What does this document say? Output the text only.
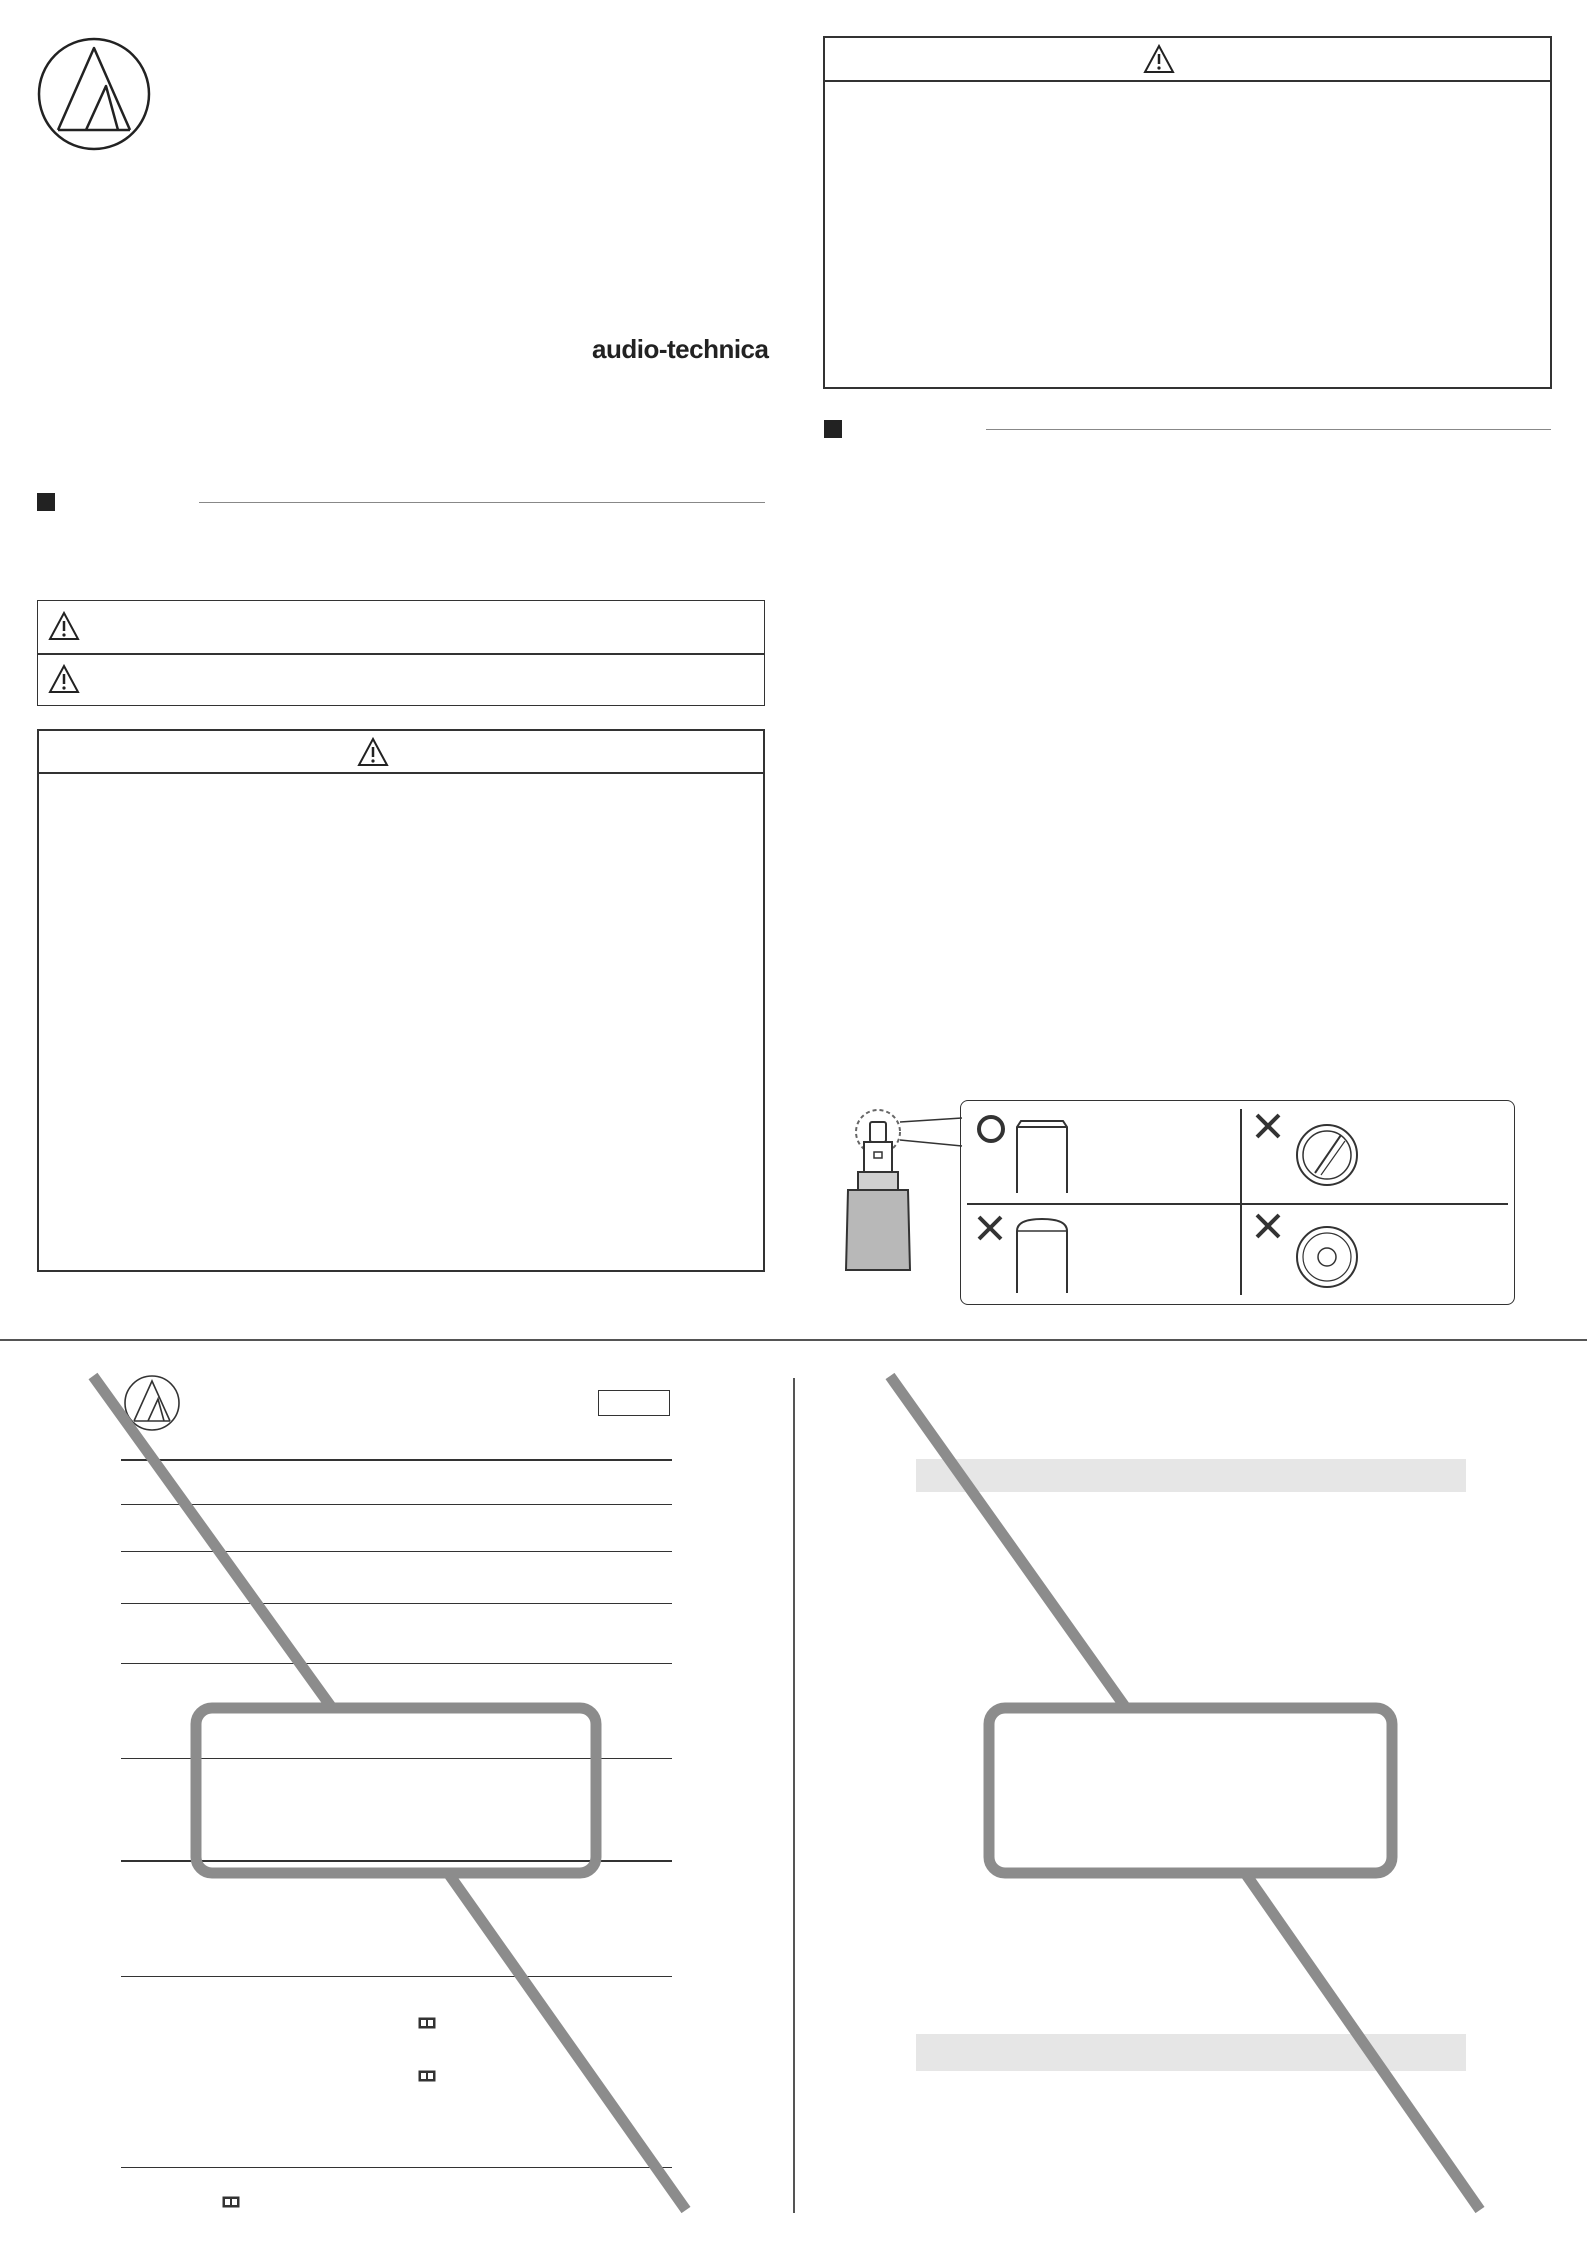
audio-technica
